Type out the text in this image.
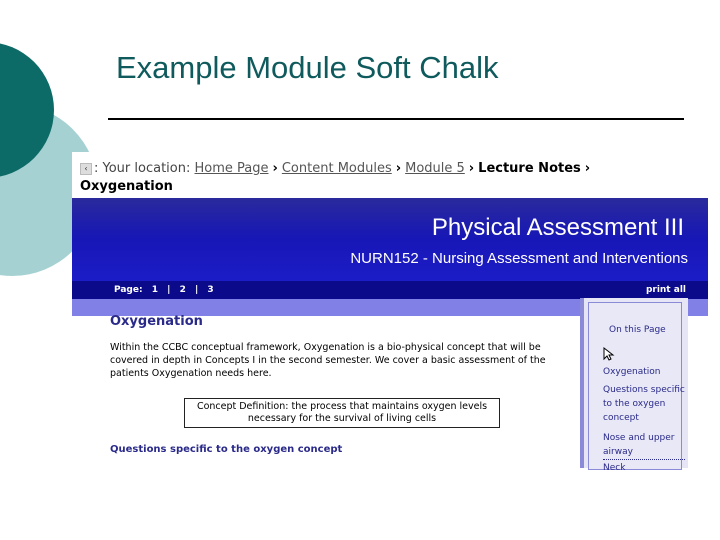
Example Module Soft Chalk
‹ : Your location: Home Page › Content Modules › Module 5 › Lecture Notes ›
Oxygenation
Physical Assessment III
NURN152 - Nursing Assessment and Interventions
Page: 1 | 2 | 3	print all
Oxygenation
Within the CCBC conceptual framework, Oxygenation is a bio-physical concept that will be covered in depth in Concepts I in the second semester. We cover a basic assessment of the patients Oxygenation needs here.
Concept Definition: the process that maintains oxygen levels necessary for the survival of living cells
Questions specific to the oxygen concept
On this Page
Oxygenation
Questions specific to the oxygen concept
Nose and upper airway
Neck
